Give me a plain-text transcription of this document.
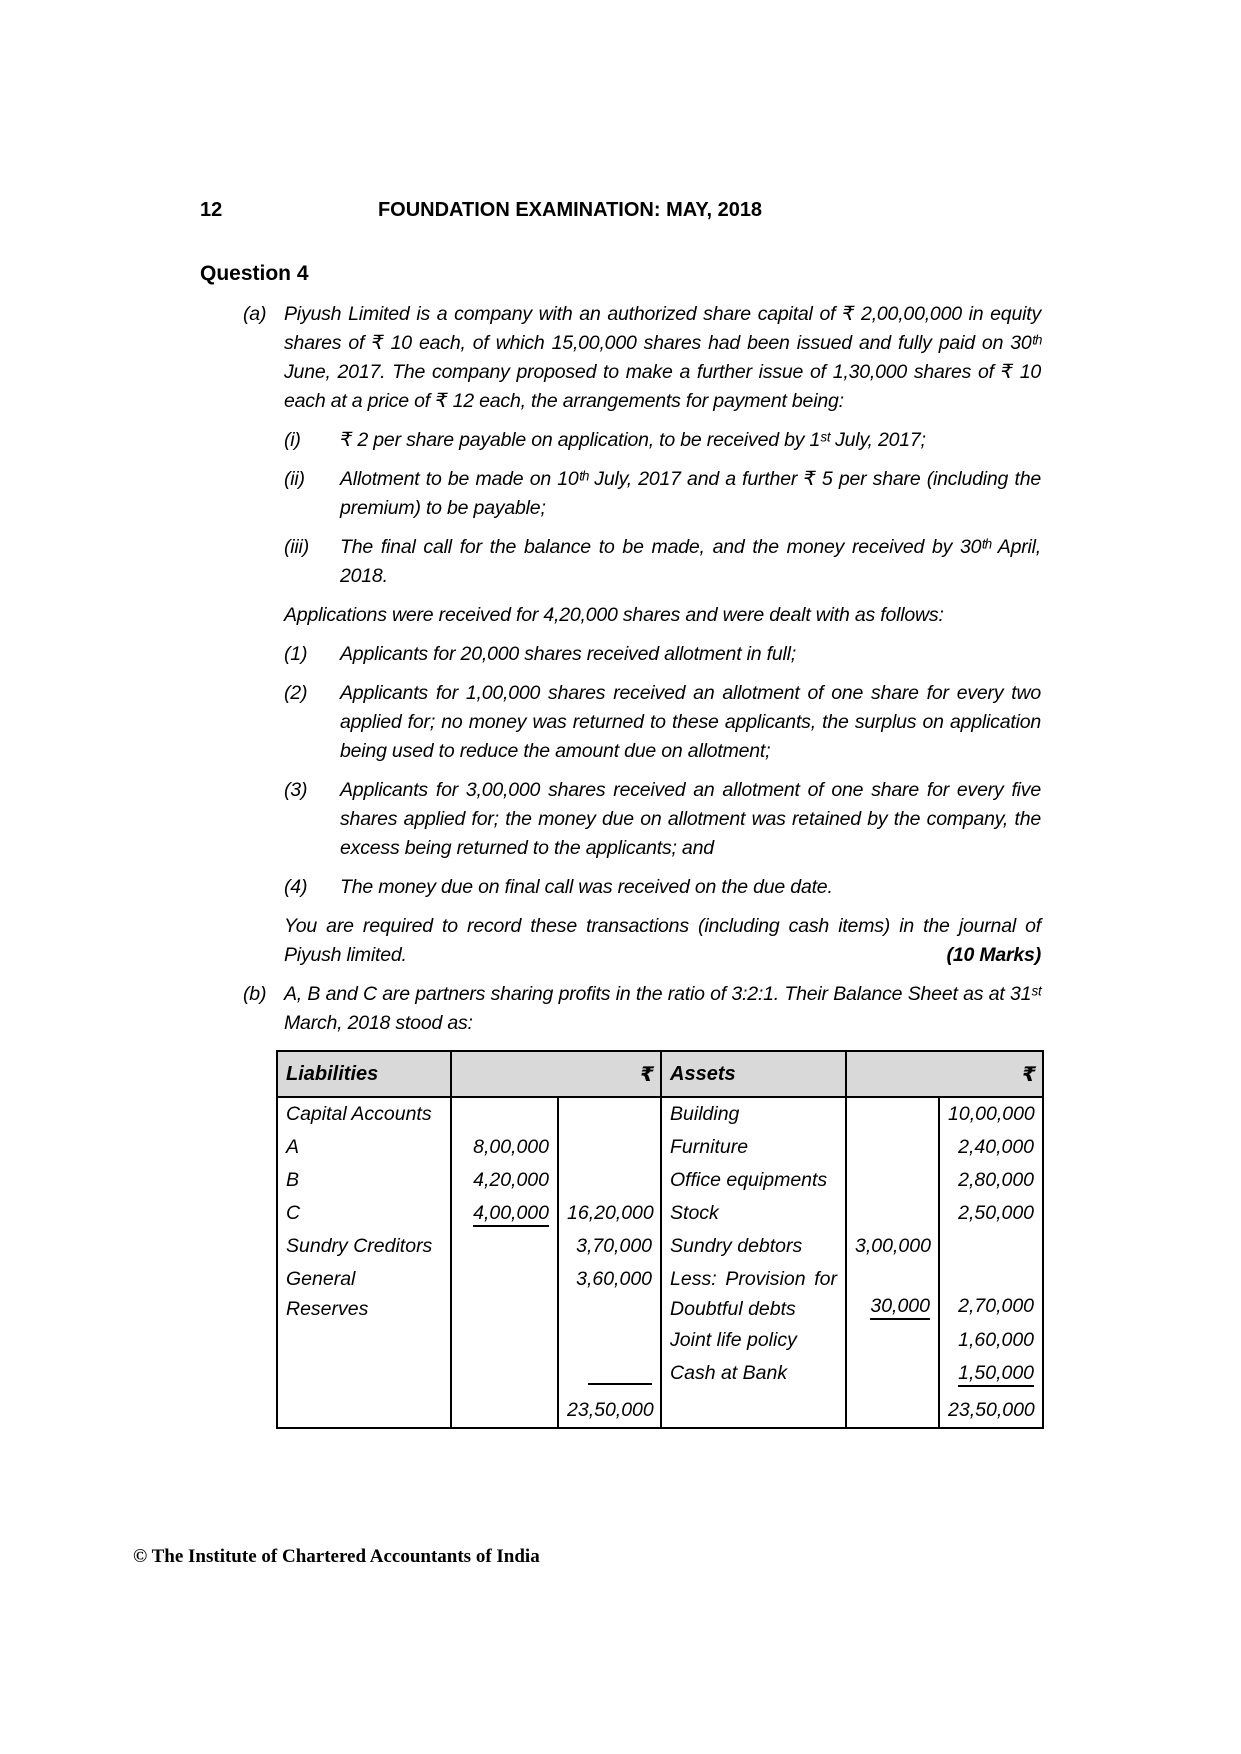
12	FOUNDATION EXAMINATION: MAY, 2018
Question 4
(a) Piyush Limited is a company with an authorized share capital of ₹ 2,00,00,000 in equity shares of ₹ 10 each, of which 15,00,000 shares had been issued and fully paid on 30ᵗʰ June, 2017. The company proposed to make a further issue of 1,30,000 shares of ₹ 10 each at a price of ₹ 12 each, the arrangements for payment being:
(i)	₹ 2 per share payable on application, to be received by 1ˢᵗ July, 2017;
(ii)	Allotment to be made on 10ᵗʰ July, 2017 and a further ₹ 5 per share (including the premium) to be payable;
(iii)	The final call for the balance to be made, and the money received by 30ᵗʰ April, 2018.
Applications were received for 4,20,000 shares and were dealt with as follows:
(1)	Applicants for 20,000 shares received allotment in full;
(2)	Applicants for 1,00,000 shares received an allotment of one share for every two applied for; no money was returned to these applicants, the surplus on application being used to reduce the amount due on allotment;
(3)	Applicants for 3,00,000 shares received an allotment of one share for every five shares applied for; the money due on allotment was retained by the company, the excess being returned to the applicants; and
(4)	The money due on final call was received on the due date.
You are required to record these transactions (including cash items) in the journal of Piyush limited.	(10 Marks)
(b) A, B and C are partners sharing profits in the ratio of 3:2:1. Their Balance Sheet as at 31ˢᵗ March, 2018 stood as:
Liabilities	₹		Assets	₹	
Capital Accounts			Building		10,00,000
A	8,00,000		Furniture		2,40,000
B	4,20,000		Office equipments		2,80,000
C	4,00,000	16,20,000	Stock		2,50,000
Sundry Creditors		3,70,000	Sundry debtors	3,00,000	
General Reserves		3,60,000	Less: Provision for Doubtful debts	30,000	2,70,000
			Joint life policy		1,60,000
			Cash at Bank		1,50,000
		23,50,000			23,50,000
© The Institute of Chartered Accountants of India
